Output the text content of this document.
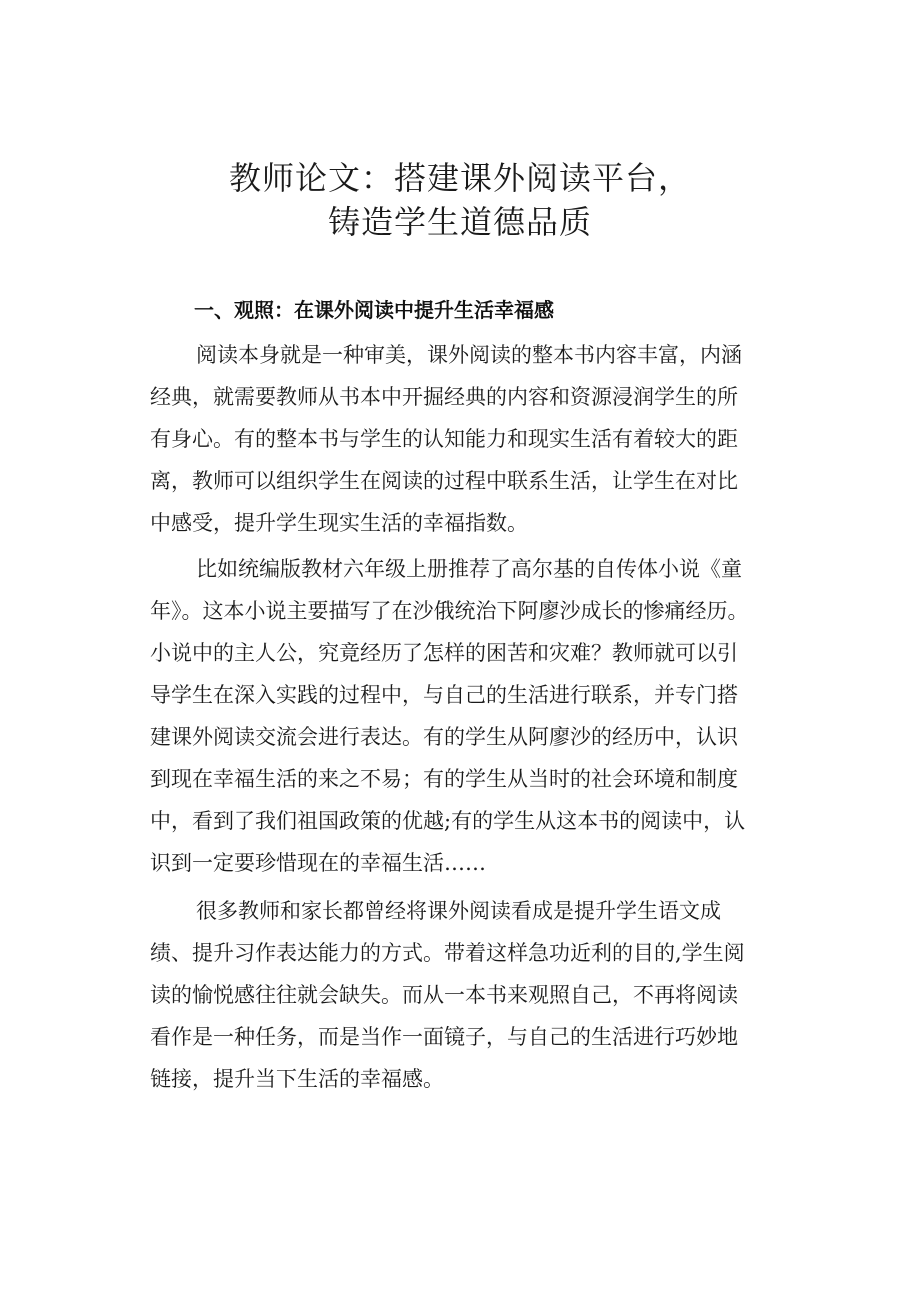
教师论文：搭建课外阅读平台，
铸造学生道德品质
一、观照：在课外阅读中提升生活幸福感
阅读本身就是一种审美，课外阅读的整本书内容丰富，内涵
经典，就需要教师从书本中开掘经典的内容和资源浸润学生的所
有身心。有的整本书与学生的认知能力和现实生活有着较大的距
离，教师可以组织学生在阅读的过程中联系生活，让学生在对比
中感受，提升学生现实生活的幸福指数。
比如统编版教材六年级上册推荐了高尔基的自传体小说《童
年》。这本小说主要描写了在沙俄统治下阿廖沙成长的惨痛经历。
小说中的主人公，究竟经历了怎样的困苦和灾难？教师就可以引
导学生在深入实践的过程中，与自己的生活进行联系，并专门搭
建课外阅读交流会进行表达。有的学生从阿廖沙的经历中，认识
到现在幸福生活的来之不易；有的学生从当时的社会环境和制度
中，看到了我们祖国政策的优越;有的学生从这本书的阅读中，认
识到一定要珍惜现在的幸福生活……
很多教师和家长都曾经将课外阅读看成是提升学生语文成
绩、提升习作表达能力的方式。带着这样急功近利的目的,学生阅
读的愉悦感往往就会缺失。而从一本书来观照自己，不再将阅读
看作是一种任务，而是当作一面镜子，与自己的生活进行巧妙地
链接，提升当下生活的幸福感。
